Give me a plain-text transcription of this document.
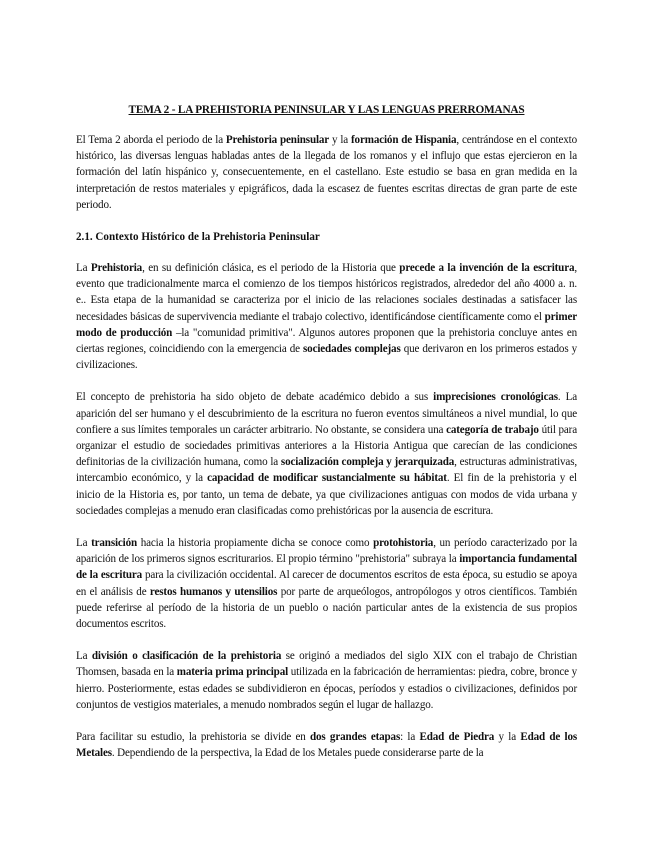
TEMA 2 - LA PREHISTORIA PENINSULAR Y LAS LENGUAS PRERROMANAS

El Tema 2 aborda el periodo de la Prehistoria peninsular y la formación de Hispania, centrándose en el contexto histórico, las diversas lenguas habladas antes de la llegada de los romanos y el influjo que estas ejercieron en la formación del latín hispánico y, consecuentemente, en el castellano. Este estudio se basa en gran medida en la interpretación de restos materiales y epigráficos, dada la escasez de fuentes escritas directas de gran parte de este periodo.

2.1. Contexto Histórico de la Prehistoria Peninsular

La Prehistoria, en su definición clásica, es el periodo de la Historia que precede a la invención de la escritura, evento que tradicionalmente marca el comienzo de los tiempos históricos registrados, alrededor del año 4000 a. n. e.. Esta etapa de la humanidad se caracteriza por el inicio de las relaciones sociales destinadas a satisfacer las necesidades básicas de supervivencia mediante el trabajo colectivo, identificándose científicamente como el primer modo de producción –la "comunidad primitiva". Algunos autores proponen que la prehistoria concluye antes en ciertas regiones, coincidiendo con la emergencia de sociedades complejas que derivaron en los primeros estados y civilizaciones.

El concepto de prehistoria ha sido objeto de debate académico debido a sus imprecisiones cronológicas. La aparición del ser humano y el descubrimiento de la escritura no fueron eventos simultáneos a nivel mundial, lo que confiere a sus límites temporales un carácter arbitrario. No obstante, se considera una categoría de trabajo útil para organizar el estudio de sociedades primitivas anteriores a la Historia Antigua que carecían de las condiciones definitorias de la civilización humana, como la socialización compleja y jerarquizada, estructuras administrativas, intercambio económico, y la capacidad de modificar sustancialmente su hábitat. El fin de la prehistoria y el inicio de la Historia es, por tanto, un tema de debate, ya que civilizaciones antiguas con modos de vida urbana y sociedades complejas a menudo eran clasificadas como prehistóricas por la ausencia de escritura.

La transición hacia la historia propiamente dicha se conoce como protohistoria, un período caracterizado por la aparición de los primeros signos escriturarios. El propio término "prehistoria" subraya la importancia fundamental de la escritura para la civilización occidental. Al carecer de documentos escritos de esta época, su estudio se apoya en el análisis de restos humanos y utensilios por parte de arqueólogos, antropólogos y otros científicos. También puede referirse al período de la historia de un pueblo o nación particular antes de la existencia de sus propios documentos escritos.

La división o clasificación de la prehistoria se originó a mediados del siglo XIX con el trabajo de Christian Thomsen, basada en la materia prima principal utilizada en la fabricación de herramientas: piedra, cobre, bronce y hierro. Posteriormente, estas edades se subdividieron en épocas, períodos y estadios o civilizaciones, definidos por conjuntos de vestigios materiales, a menudo nombrados según el lugar de hallazgo.

Para facilitar su estudio, la prehistoria se divide en dos grandes etapas: la Edad de Piedra y la Edad de los Metales. Dependiendo de la perspectiva, la Edad de los Metales puede considerarse parte de la
